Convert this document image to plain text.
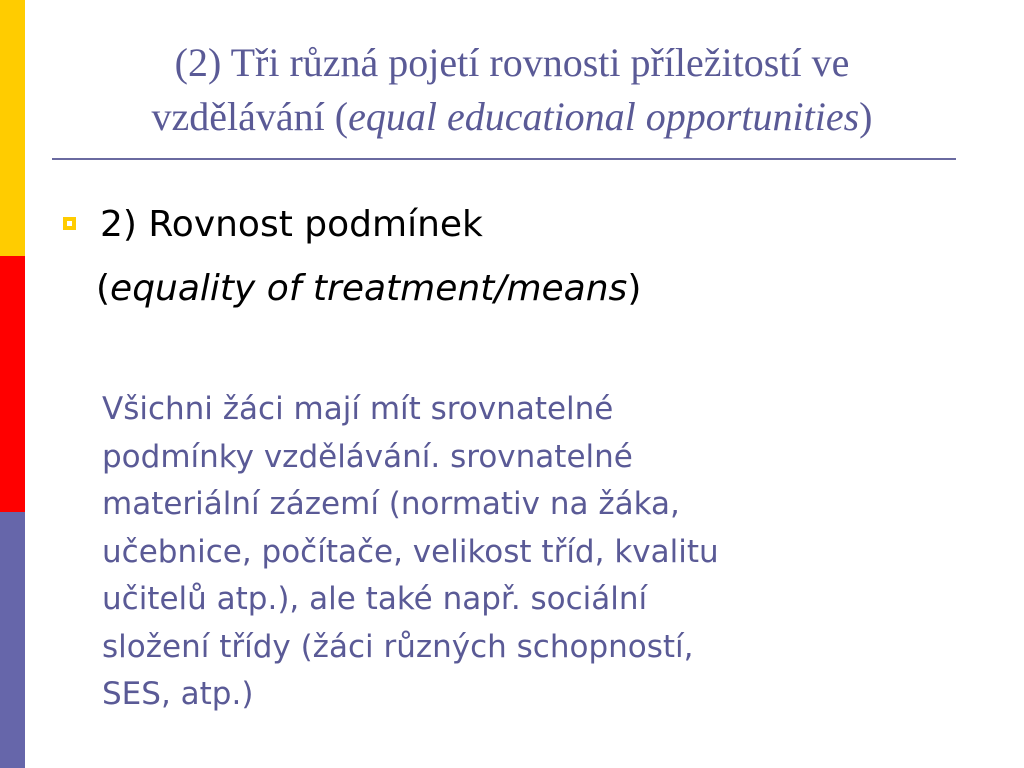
(2) Tři různá pojetí rovnosti příležitostí ve
vzdělávání (equal educational opportunities)
2) Rovnost podmínek
(equality of treatment/means)
Všichni žáci mají mít srovnatelné
podmínky vzdělávání. srovnatelné
materiální zázemí (normativ na žáka,
učebnice, počítače, velikost tříd, kvalitu
učitelů atp.), ale také např. sociální
složení třídy (žáci různých schopností,
SES, atp.)
